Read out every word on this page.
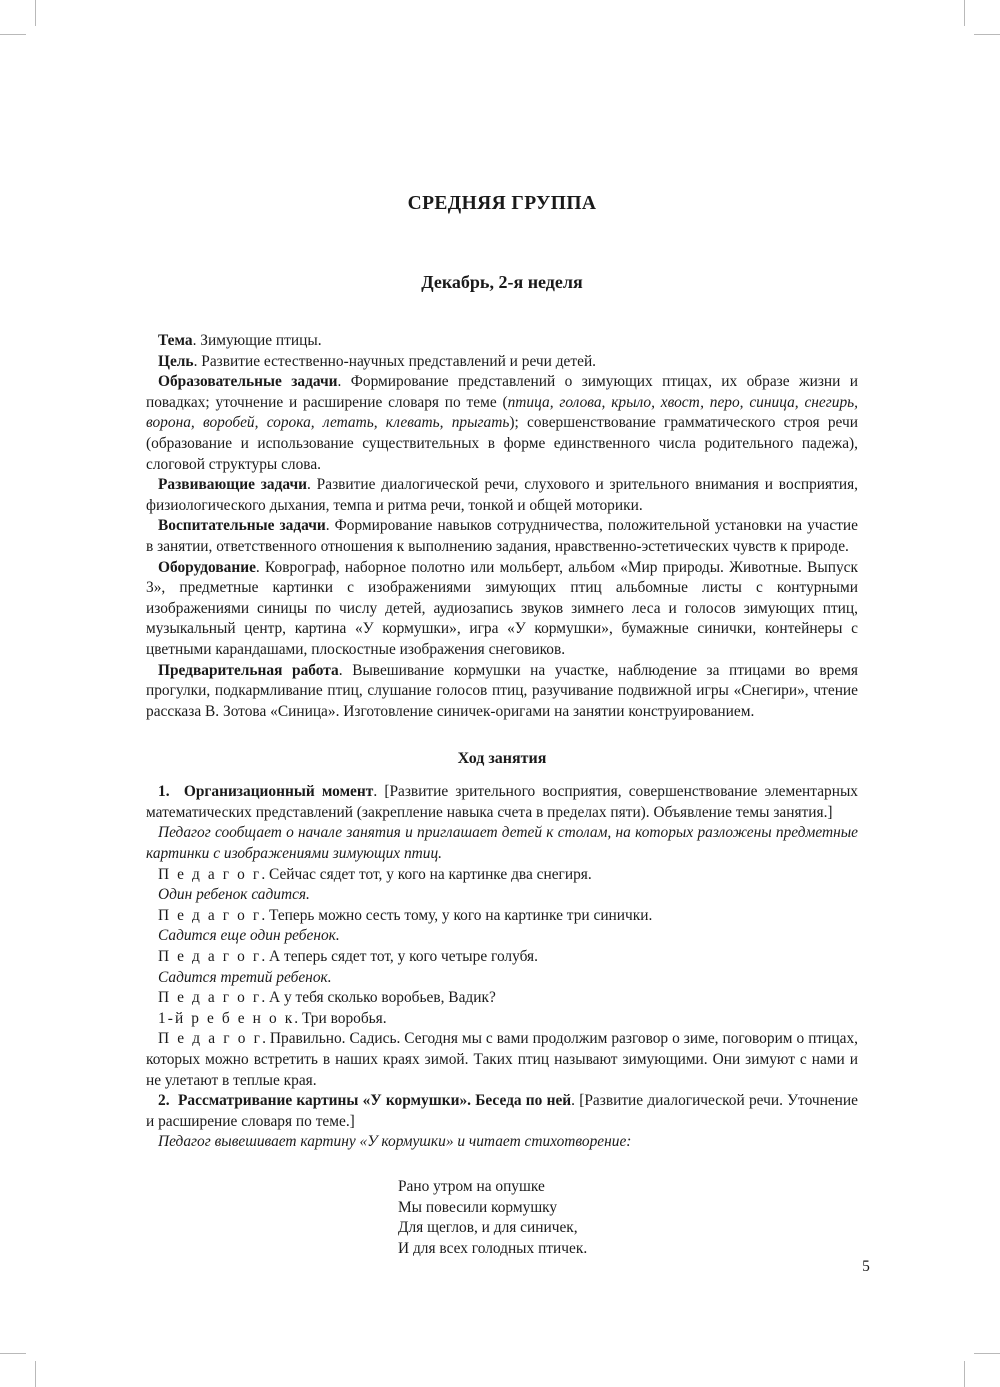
СРЕДНЯЯ ГРУППА
Декабрь, 2-я неделя

Тема. Зимующие птицы.

Цель. Развитие естественно-научных представлений и речи детей.

Образовательные задачи. Формирование представлений о зимующих птицах, их образе жизни и повадках; уточнение и расширение словаря по теме (птица, голова, крыло, хвост, перо, синица, снегирь, ворона, воробей, сорока, летать, клевать, прыгать); совершенствование грамматического строя речи (образование и использование существительных в форме единственного числа родительного падежа), слоговой структуры слова.

Развивающие задачи. Развитие диалогической речи, слухового и зрительного внимания и восприятия, физиологического дыхания, темпа и ритма речи, тонкой и общей моторики.

Воспитательные задачи. Формирование навыков сотрудничества, положительной установки на участие в занятии, ответственного отношения к выполнению задания, нравственно-эстетических чувств к природе.

Оборудование. Коврограф, наборное полотно или мольберт, альбом «Мир природы. Животные. Выпуск 3», предметные картинки с изображениями зимующих птиц альбомные листы с контурными изображениями синицы по числу детей, аудиозапись звуков зимнего леса и голосов зимующих птиц, музыкальный центр, картина «У кормушки», игра «У кормушки», бумажные синички, контейнеры с цветными карандашами, плоскостные изображения снеговиков.

Предварительная работа. Вывешивание кормушки на участке, наблюдение за птицами во время прогулки, подкармливание птиц, слушание голосов птиц, разучивание подвижной игры «Снегири», чтение рассказа В. Зотова «Синица». Изготовление синичек-оригами на занятии конструированием.

Ход занятия

1. Организационный момент. [Развитие зрительного восприятия, совершенствование элементарных математических представлений (закрепление навыка счета в пределах пяти). Объявление темы занятия.]

Педагог сообщает о начале занятия и приглашает детей к столам, на которых разложены предметные картинки с изображениями зимующих птиц.

П е д а г о г. Сейчас сядет тот, у кого на картинке два снегиря.

Один ребенок садится.

П е д а г о г. Теперь можно сесть тому, у кого на картинке три синички.

Садится еще один ребенок.

П е д а г о г. А теперь сядет тот, у кого четыре голубя.

Садится третий ребенок.

П е д а г о г. А у тебя сколько воробьев, Вадик?

1-й р е б е н о к. Три воробья.

П е д а г о г. Правильно. Садись. Сегодня мы с вами продолжим разговор о зиме, поговорим о птицах, которых можно встретить в наших краях зимой. Таких птиц называют зимующими. Они зимуют с нами и не улетают в теплые края.

2. Рассматривание картины «У кормушки». Беседа по ней. [Развитие диалогической речи. Уточнение и расширение словаря по теме.]

Педагог вывешивает картину «У кормушки» и читает стихотворение:

Рано утром на опушке

Мы повесили кормушку

Для щеглов, и для синичек,

И для всех голодных птичек.

5
